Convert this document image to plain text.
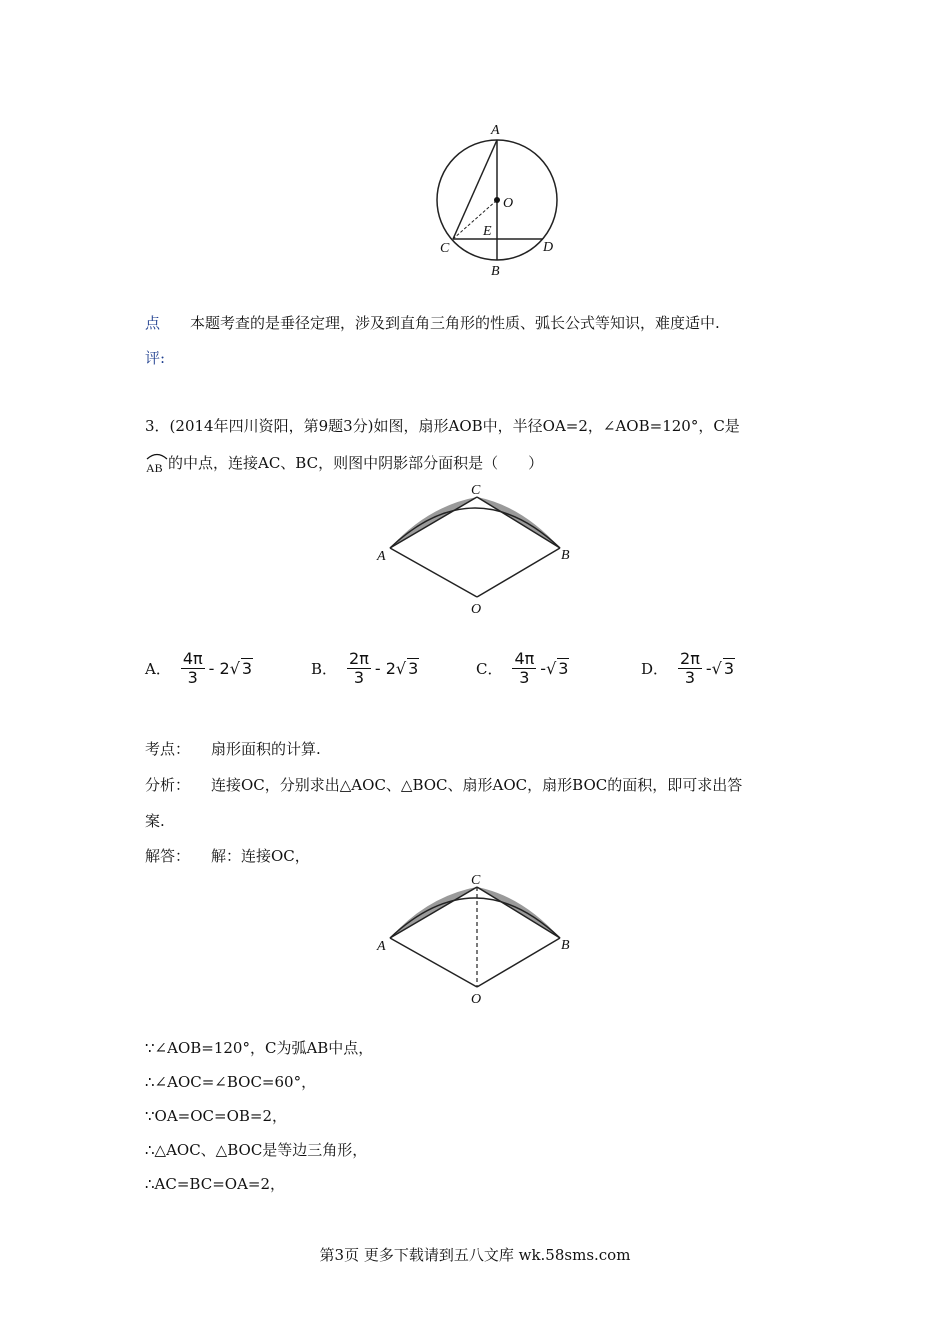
A
O
E
C	D
B
点
评:
本题考查的是垂径定理，涉及到直角三角形的性质、弧长公式等知识，难度适中.
3．(2014年四川资阳，第9题3分)如图，扇形AOB中，半径OA=2，∠AOB=120°，C是
AB 的中点，连接AC、BC，则图中阴影部分面积是（　　）
C
A	B
O
A． $\frac{4\pi}{3} - 2$ √ 3	B． $\frac{2\pi}{3} - 2$ √ 3	C． $\frac{4\pi}{3}$ - √ 3	D． $\frac{2\pi}{3}$ - √ 3
考点： 扇形面积的计算.
分析： 连接OC，分别求出△AOC、△BOC、扇形AOC，扇形BOC的面积，即可求出答
案.
解答： 解：连接OC，
C
A	B
O
∵∠AOB=120°，C为弧AB中点，
∴∠AOC=∠BOC=60°，
∵OA=OC=OB=2，
∴△AOC、△BOC是等边三角形，
∴AC=BC=OA=2，
第3页 更多下载请到五八文库 wk.58sms.com
